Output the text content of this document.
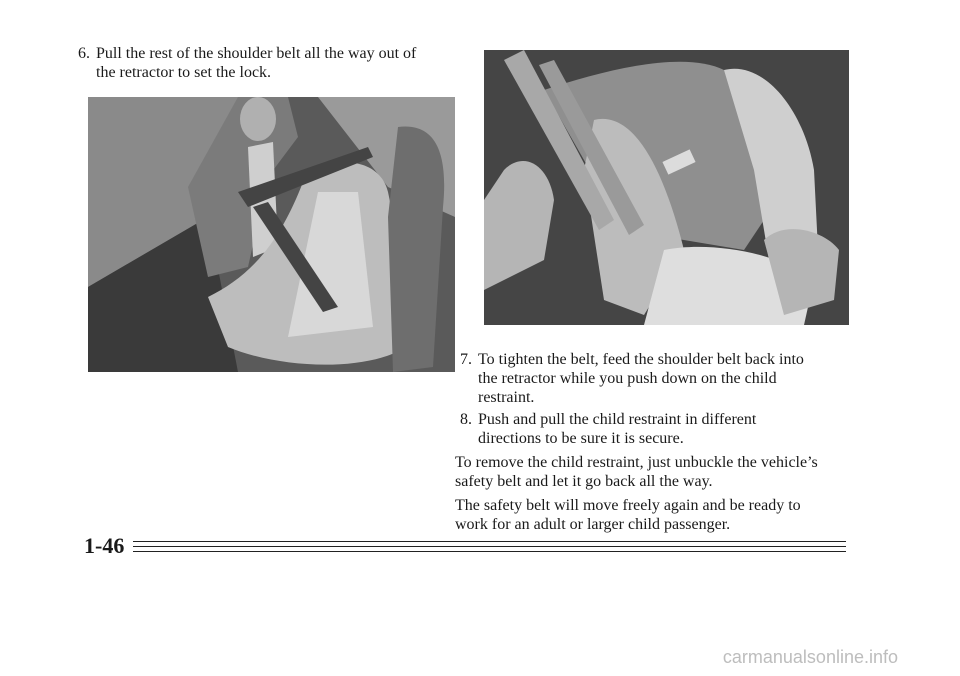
6. Pull the rest of the shoulder belt all the way out of
the retractor to set the lock.
7. To tighten the belt, feed the shoulder belt back into
the retractor while you push down on the child
restraint.
8. Push and pull the child restraint in different
directions to be sure it is secure.
To remove the child restraint, just unbuckle the vehicle’s
safety belt and let it go back all the way.
The safety belt will move freely again and be ready to
work for an adult or larger child passenger.
1-46
carmanualsonline.info
